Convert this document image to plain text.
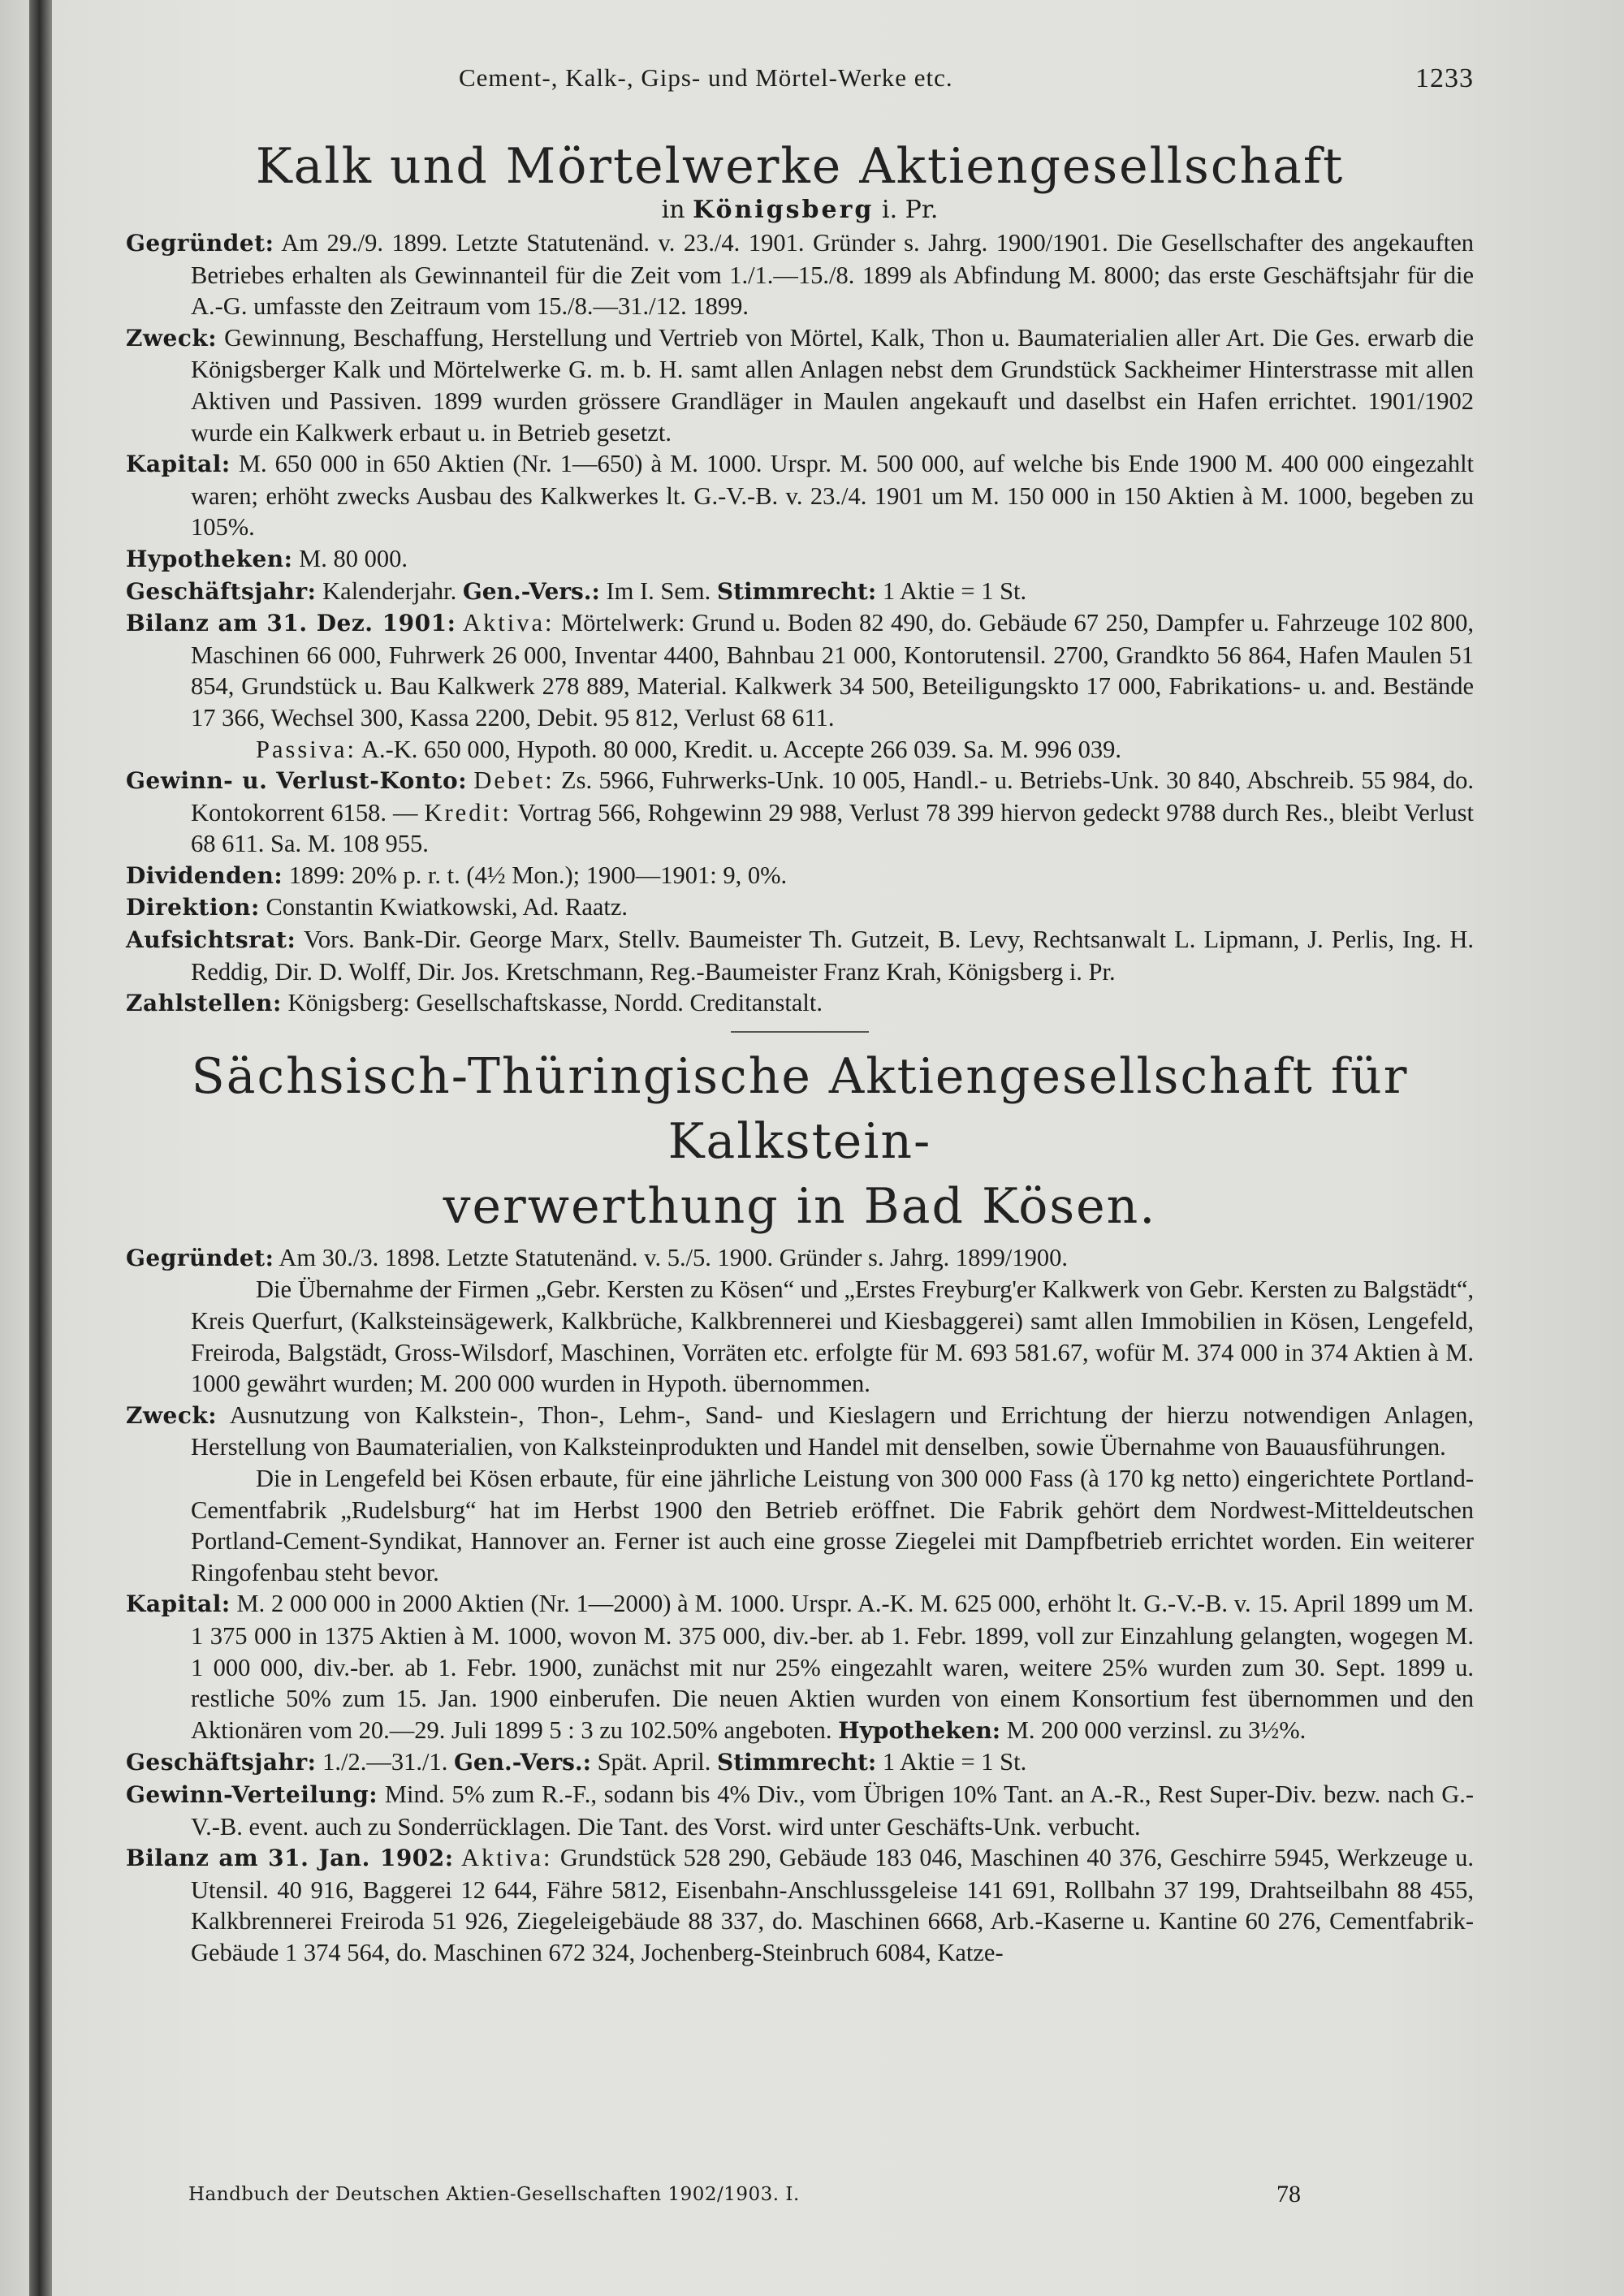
Cement-, Kalk-, Gips- und Mörtel-Werke etc.	1233
Kalk und Mörtelwerke Aktiengesellschaft
in Königsberg i. Pr.

Gegründet: Am 29./9. 1899. Letzte Statutenänd. v. 23./4. 1901. Gründer s. Jahrg. 1900/1901. Die Gesellschafter des angekauften Betriebes erhalten als Gewinnanteil für die Zeit vom 1./1.—15./8. 1899 als Abfindung M. 8000; das erste Geschäftsjahr für die A.-G. umfasste den Zeitraum vom 15./8.—31./12. 1899.

Zweck: Gewinnung, Beschaffung, Herstellung und Vertrieb von Mörtel, Kalk, Thon u. Baumaterialien aller Art. Die Ges. erwarb die Königsberger Kalk und Mörtelwerke G. m. b. H. samt allen Anlagen nebst dem Grundstück Sackheimer Hinterstrasse mit allen Aktiven und Passiven. 1899 wurden grössere Grandläger in Maulen angekauft und daselbst ein Hafen errichtet. 1901/1902 wurde ein Kalkwerk erbaut u. in Betrieb gesetzt.

Kapital: M. 650 000 in 650 Aktien (Nr. 1—650) à M. 1000. Urspr. M. 500 000, auf welche bis Ende 1900 M. 400 000 eingezahlt waren; erhöht zwecks Ausbau des Kalkwerkes lt. G.-V.-B. v. 23./4. 1901 um M. 150 000 in 150 Aktien à M. 1000, begeben zu 105%.

Hypotheken: M. 80 000.

Geschäftsjahr: Kalenderjahr. Gen.-Vers.: Im I. Sem. Stimmrecht: 1 Aktie = 1 St.

Bilanz am 31. Dez. 1901: Aktiva: Mörtelwerk: Grund u. Boden 82 490, do. Gebäude 67 250, Dampfer u. Fahrzeuge 102 800, Maschinen 66 000, Fuhrwerk 26 000, Inventar 4400, Bahnbau 21 000, Kontorutensil. 2700, Grandkto 56 864, Hafen Maulen 51 854, Grundstück u. Bau Kalkwerk 278 889, Material. Kalkwerk 34 500, Beteiligungskto 17 000, Fabrikations- u. and. Bestände 17 366, Wechsel 300, Kassa 2200, Debit. 95 812, Verlust 68 611.

Passiva: A.-K. 650 000, Hypoth. 80 000, Kredit. u. Accepte 266 039. Sa. M. 996 039.

Gewinn- u. Verlust-Konto: Debet: Zs. 5966, Fuhrwerks-Unk. 10 005, Handl.- u. Betriebs-Unk. 30 840, Abschreib. 55 984, do. Kontokorrent 6158. — Kredit: Vortrag 566, Rohgewinn 29 988, Verlust 78 399 hiervon gedeckt 9788 durch Res., bleibt Verlust 68 611. Sa. M. 108 955.

Dividenden: 1899: 20% p. r. t. (4½ Mon.); 1900—1901: 9, 0%.

Direktion: Constantin Kwiatkowski, Ad. Raatz.

Aufsichtsrat: Vors. Bank-Dir. George Marx, Stellv. Baumeister Th. Gutzeit, B. Levy, Rechtsanwalt L. Lipmann, J. Perlis, Ing. H. Reddig, Dir. D. Wolff, Dir. Jos. Kretschmann, Reg.-Baumeister Franz Krah, Königsberg i. Pr.

Zahlstellen: Königsberg: Gesellschaftskasse, Nordd. Creditanstalt.

Sächsisch-Thüringische Aktiengesellschaft für Kalkstein-
verwerthung in Bad Kösen.

Gegründet: Am 30./3. 1898. Letzte Statutenänd. v. 5./5. 1900. Gründer s. Jahrg. 1899/1900.

Die Übernahme der Firmen „Gebr. Kersten zu Kösen“ und „Erstes Freyburg'er Kalkwerk von Gebr. Kersten zu Balgstädt“, Kreis Querfurt, (Kalksteinsägewerk, Kalkbrüche, Kalkbrennerei und Kiesbaggerei) samt allen Immobilien in Kösen, Lengefeld, Freiroda, Balgstädt, Gross-Wilsdorf, Maschinen, Vorräten etc. erfolgte für M. 693 581.67, wofür M. 374 000 in 374 Aktien à M. 1000 gewährt wurden; M. 200 000 wurden in Hypoth. übernommen.

Zweck: Ausnutzung von Kalkstein-, Thon-, Lehm-, Sand- und Kieslagern und Errichtung der hierzu notwendigen Anlagen, Herstellung von Baumaterialien, von Kalksteinprodukten und Handel mit denselben, sowie Übernahme von Bauausführungen.

Die in Lengefeld bei Kösen erbaute, für eine jährliche Leistung von 300 000 Fass (à 170 kg netto) eingerichtete Portland-Cementfabrik „Rudelsburg“ hat im Herbst 1900 den Betrieb eröffnet. Die Fabrik gehört dem Nordwest-Mitteldeutschen Portland-Cement-Syndikat, Hannover an. Ferner ist auch eine grosse Ziegelei mit Dampfbetrieb errichtet worden. Ein weiterer Ringofenbau steht bevor.

Kapital: M. 2 000 000 in 2000 Aktien (Nr. 1—2000) à M. 1000. Urspr. A.-K. M. 625 000, erhöht lt. G.-V.-B. v. 15. April 1899 um M. 1 375 000 in 1375 Aktien à M. 1000, wovon M. 375 000, div.-ber. ab 1. Febr. 1899, voll zur Einzahlung gelangten, wogegen M. 1 000 000, div.-ber. ab 1. Febr. 1900, zunächst mit nur 25% eingezahlt waren, weitere 25% wurden zum 30. Sept. 1899 u. restliche 50% zum 15. Jan. 1900 einberufen. Die neuen Aktien wurden von einem Konsortium fest übernommen und den Aktionären vom 20.—29. Juli 1899 5 : 3 zu 102.50% angeboten. Hypotheken: M. 200 000 verzinsl. zu 3½%.

Geschäftsjahr: 1./2.—31./1. Gen.-Vers.: Spät. April. Stimmrecht: 1 Aktie = 1 St.

Gewinn-Verteilung: Mind. 5% zum R.-F., sodann bis 4% Div., vom Übrigen 10% Tant. an A.-R., Rest Super-Div. bezw. nach G.-V.-B. event. auch zu Sonderrücklagen. Die Tant. des Vorst. wird unter Geschäfts-Unk. verbucht.

Bilanz am 31. Jan. 1902: Aktiva: Grundstück 528 290, Gebäude 183 046, Maschinen 40 376, Geschirre 5945, Werkzeuge u. Utensil. 40 916, Baggerei 12 644, Fähre 5812, Eisenbahn-Anschlussgeleise 141 691, Rollbahn 37 199, Drahtseilbahn 88 455, Kalkbrennerei Freiroda 51 926, Ziegeleigebäude 88 337, do. Maschinen 6668, Arb.-Kaserne u. Kantine 60 276, Cementfabrik-Gebäude 1 374 564, do. Maschinen 672 324, Jochenberg-Steinbruch 6084, Katze-

Handbuch der Deutschen Aktien-Gesellschaften 1902/1903. I.	78
